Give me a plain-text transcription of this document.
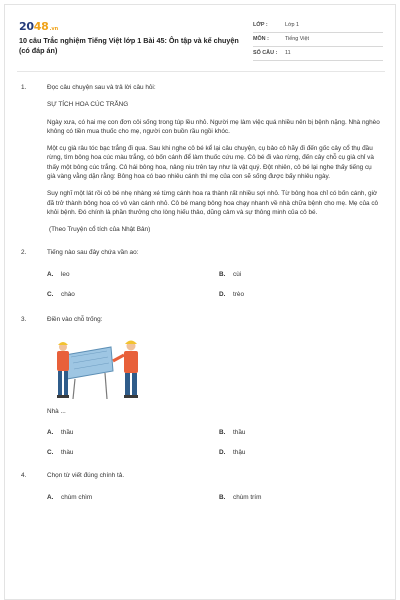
2048 .vn
10 câu Trắc nghiệm Tiếng Việt lớp 1 Bài 45: Ôn tập và kể chuyện (có đáp án)
LỚP :	Lớp 1
MÔN :	Tiếng Việt
SỐ CÂU : 11
1.	Đọc câu chuyện sau và trả lời câu hỏi:
SỰ TÍCH HOA CÚC TRẮNG
Ngày xưa, có hai mẹ con đơn côi sống trong túp lều nhỏ. Người mẹ làm việc quá nhiều nên bị bệnh nặng. Nhà nghèo không có tiền mua thuốc cho mẹ, người con buồn rầu ngồi khóc.
Một cụ già râu tóc bạc trắng đi qua. Sau khi nghe cô bé kể lại câu chuyện, cụ bảo cô hãy đi đến gốc cây cổ thụ đầu rừng, tìm bông hoa cúc màu trắng, có bốn cánh để làm thuốc cứu mẹ. Cô bé đi vào rừng, đến cây chỗ cụ già chỉ và thấy một bông cúc trắng. Cô hái bông hoa, nâng niu trên tay như là vật quý. Đột nhiên, cô bé lại nghe thấy tiếng cụ già vàng vằng dặn rằng: Bông hoa có bao nhiêu cánh thì mẹ của con sẽ sống được bấy nhiêu ngày.
Suy nghĩ một lát rồi cô bé nhẹ nhàng xé từng cánh hoa ra thành rất nhiều sợi nhỏ. Từ bông hoa chỉ có bốn cánh, giờ đã trở thành bông hoa có vô vàn cánh nhỏ. Cô bé mang bông hoa chạy nhanh về nhà chữa bệnh cho mẹ. Mẹ của cô khỏi bệnh. Đó chính là phần thưởng cho lòng hiếu thảo, dũng cảm và sự thông minh của cô bé.
(Theo Truyện cổ tích của Nhật Bản)
2.	Tiếng nào sau đây chứa vần ao:
A. leo	B. cùi
C. chào	D. trèo
3.	Điền vào chỗ trống:
Nhà ...
A. thầu	B. thầu
C. thàu	D. thậu
4.	Chọn từ viết đúng chính tả.
A. chùm chìm	B. chùm trím
